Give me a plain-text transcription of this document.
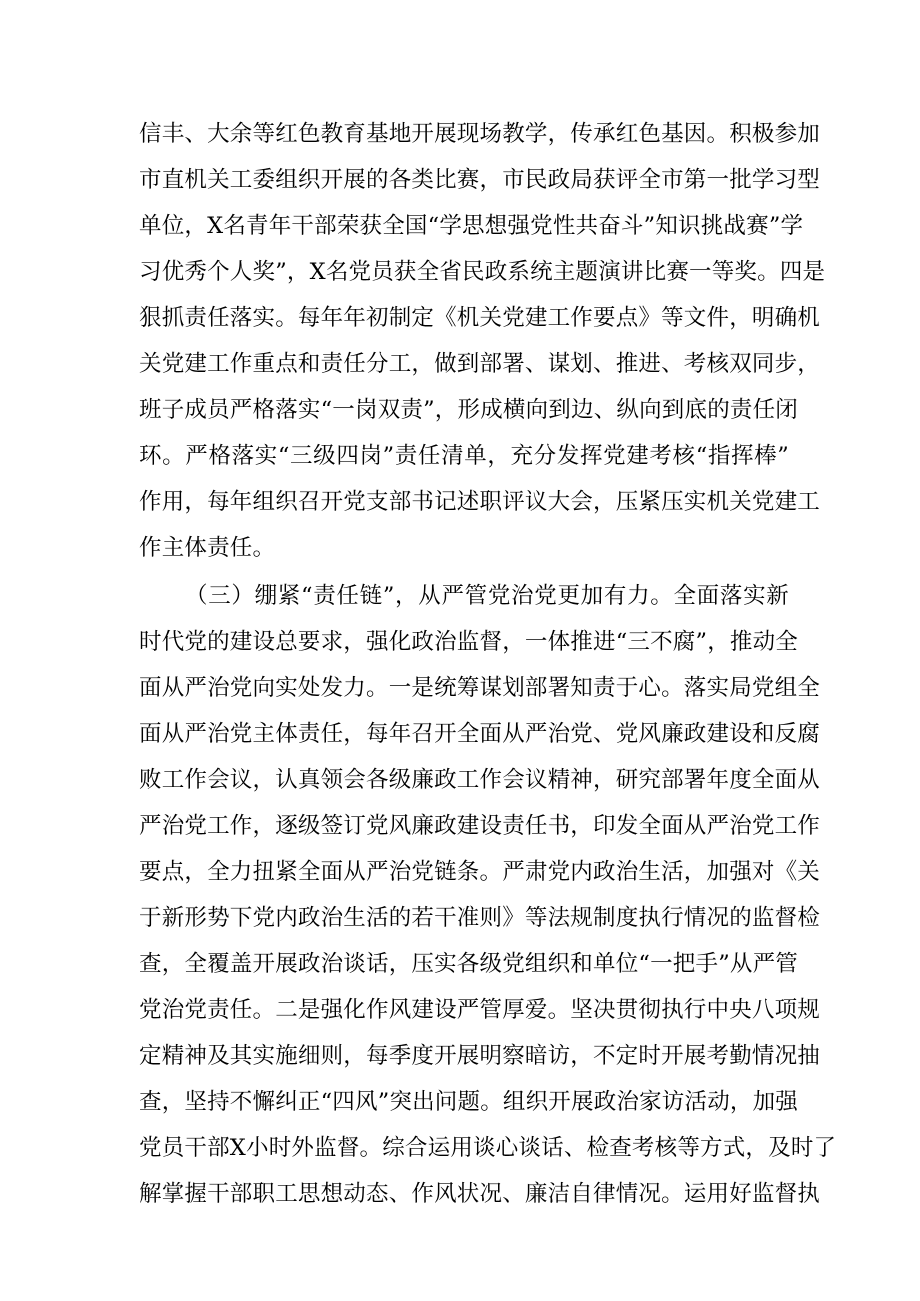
信丰、大余等红色教育基地开展现场教学，传承红色基因。积极参加
市直机关工委组织开展的各类比赛，市民政局获评全市第一批学习型
单位，X名青年干部荣获全国“学思想强党性共奋斗”知识挑战赛”学
习优秀个人奖”，X名党员获全省民政系统主题演讲比赛一等奖。四是
狠抓责任落实。每年年初制定《机关党建工作要点》等文件，明确机
关党建工作重点和责任分工，做到部署、谋划、推进、考核双同步，
班子成员严格落实“一岗双责”，形成横向到边、纵向到底的责任闭
环。严格落实“三级四岗”责任清单，充分发挥党建考核“指挥棒”
作用，每年组织召开党支部书记述职评议大会，压紧压实机关党建工
作主体责任。
（三）绷紧“责任链”，从严管党治党更加有力。全面落实新
时代党的建设总要求，强化政治监督，一体推进“三不腐”，推动全
面从严治党向实处发力。一是统筹谋划部署知责于心。落实局党组全
面从严治党主体责任，每年召开全面从严治党、党风廉政建设和反腐
败工作会议，认真领会各级廉政工作会议精神，研究部署年度全面从
严治党工作，逐级签订党风廉政建设责任书，印发全面从严治党工作
要点，全力扭紧全面从严治党链条。严肃党内政治生活，加强对《关
于新形势下党内政治生活的若干准则》等法规制度执行情况的监督检
查，全覆盖开展政治谈话，压实各级党组织和单位“一把手”从严管
党治党责任。二是强化作风建设严管厚爱。坚决贯彻执行中央八项规
定精神及其实施细则，每季度开展明察暗访，不定时开展考勤情况抽
查，坚持不懈纠正“四风”突出问题。组织开展政治家访活动，加强
党员干部X小时外监督。综合运用谈心谈话、检查考核等方式，及时了
解掌握干部职工思想动态、作风状况、廉洁自律情况。运用好监督执
